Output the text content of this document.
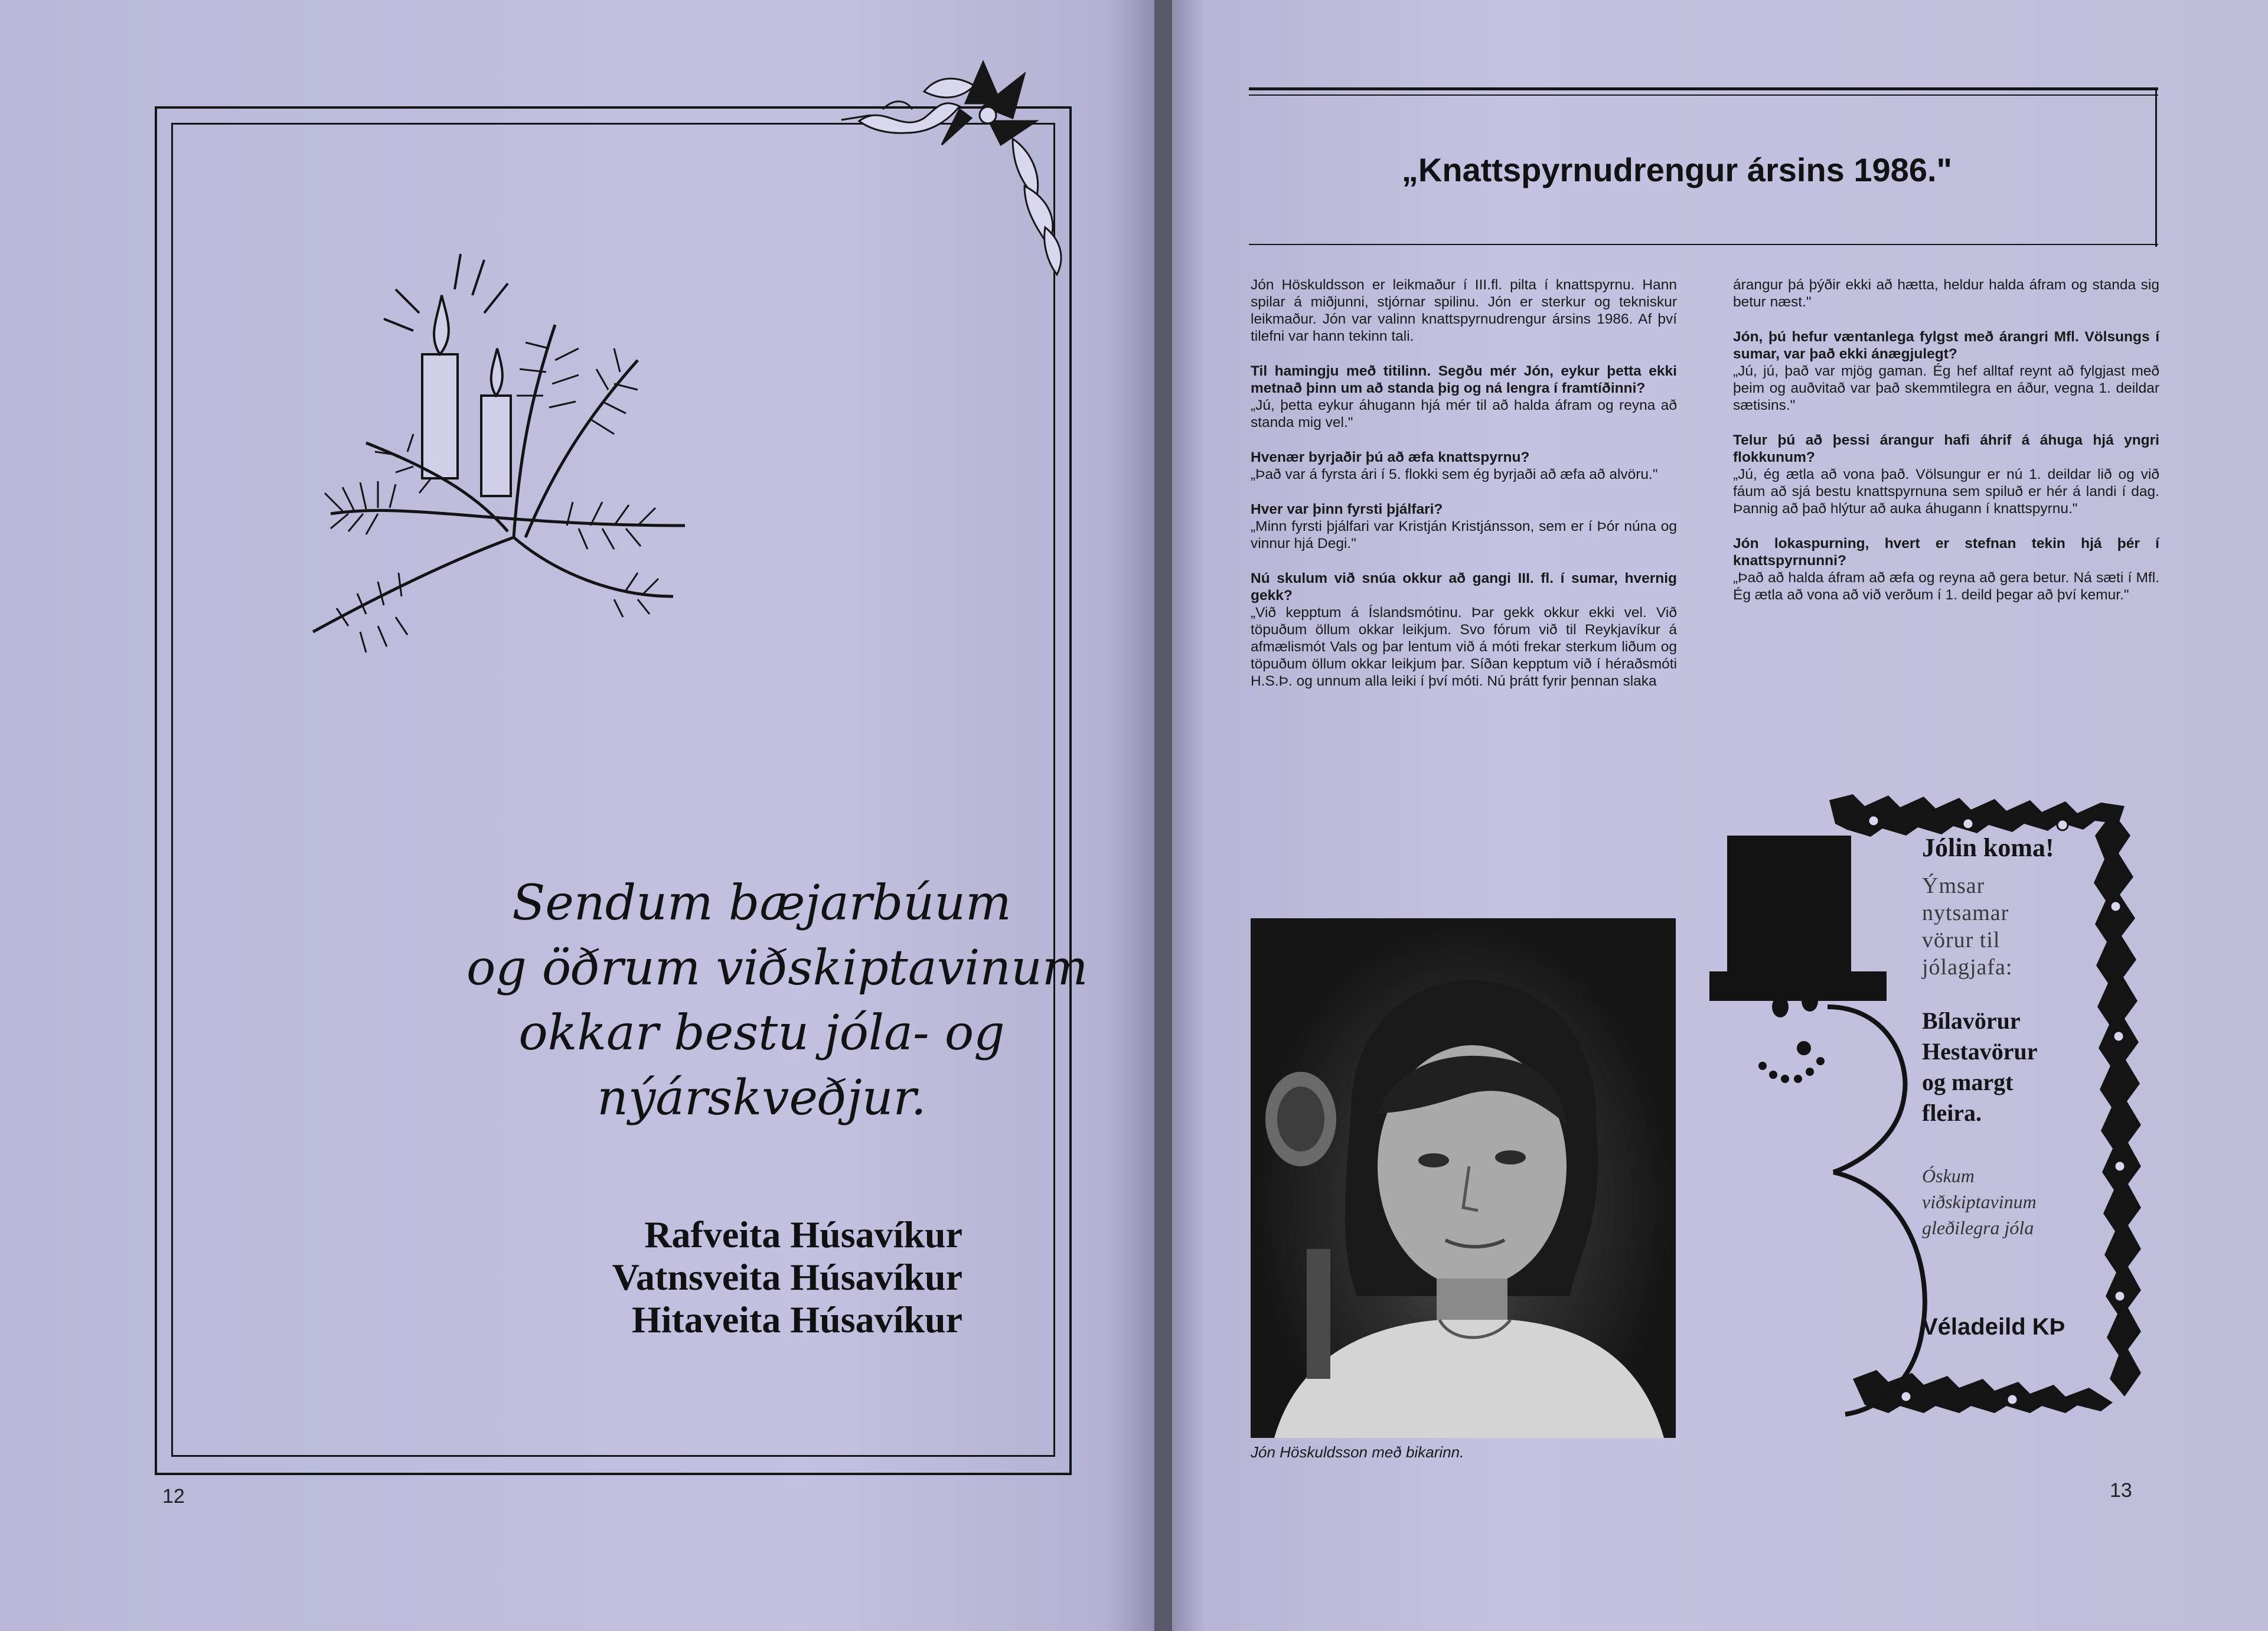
Sendum bæjarbúum
og öðrum viðskiptavinum
okkar bestu jóla- og
nýárskveðjur.
Rafveita Húsavíkur
Vatnsveita Húsavíkur
Hitaveita Húsavíkur
12
„Knattspyrnudrengur ársins 1986."

Jón Höskuldsson er leikmaður í III.fl. pilta í knattspyrnu. Hann spilar á miðjunni, stjórnar spilinu. Jón er sterkur og tekniskur leikmaður. Jón var valinn knattspyrnudrengur ársins 1986. Af því tilefni var hann tekinn tali.

Til hamingju með titilinn. Segðu mér Jón, eykur þetta ekki metnað þinn um að standa þig og ná lengra í framtíðinni?
„Jú, þetta eykur áhugann hjá mér til að halda áfram og reyna að standa mig vel."

Hvenær byrjaðir þú að æfa knattspyrnu?
„Það var á fyrsta ári í 5. flokki sem ég byrjaði að æfa að alvöru."

Hver var þinn fyrsti þjálfari?
„Minn fyrsti þjálfari var Kristján Kristjánsson, sem er í Þór núna og vinnur hjá Degi."

Nú skulum við snúa okkur að gangi III. fl. í sumar, hvernig gekk?
„Við kepptum á Íslandsmótinu. Þar gekk okkur ekki vel. Við töpuðum öllum okkar leikjum. Svo fórum við til Reykjavíkur á afmælismót Vals og þar lentum við á móti frekar sterkum liðum og töpuðum öllum okkar leikjum þar. Síðan kepptum við í héraðsmóti H.S.Þ. og unnum alla leiki í því móti. Nú þrátt fyrir þennan slaka

árangur þá þýðir ekki að hætta, heldur halda áfram og standa sig betur næst."

Jón, þú hefur væntanlega fylgst með árangri Mfl. Völsungs í sumar, var það ekki ánægjulegt?
„Jú, jú, það var mjög gaman. Ég hef alltaf reynt að fylgjast með þeim og auðvitað var það skemmtilegra en áður, vegna 1. deildar sætisins."

Telur þú að þessi árangur hafi áhrif á áhuga hjá yngri flokkunum?
„Jú, ég ætla að vona það. Völsungur er nú 1. deildar lið og við fáum að sjá bestu knattspyrnuna sem spiluð er hér á landi í dag. Þannig að það hlýtur að auka áhugann í knattspyrnu."

Jón lokaspurning, hvert er stefnan tekin hjá þér í knattspyrnunni?
„Það að halda áfram að æfa og reyna að gera betur. Ná sæti í Mfl. Ég ætla að vona að við verðum í 1. deild þegar að því kemur."

Jón Höskuldsson með bikarinn.
Jólin koma!
Ýmsar
nytsamar
vörur til
jólagjafa:
Bílavörur
Hestavörur
og margt
fleira.
Óskum
viðskiptavinum
gleðilegra jóla
Véladeild KÞ
13
